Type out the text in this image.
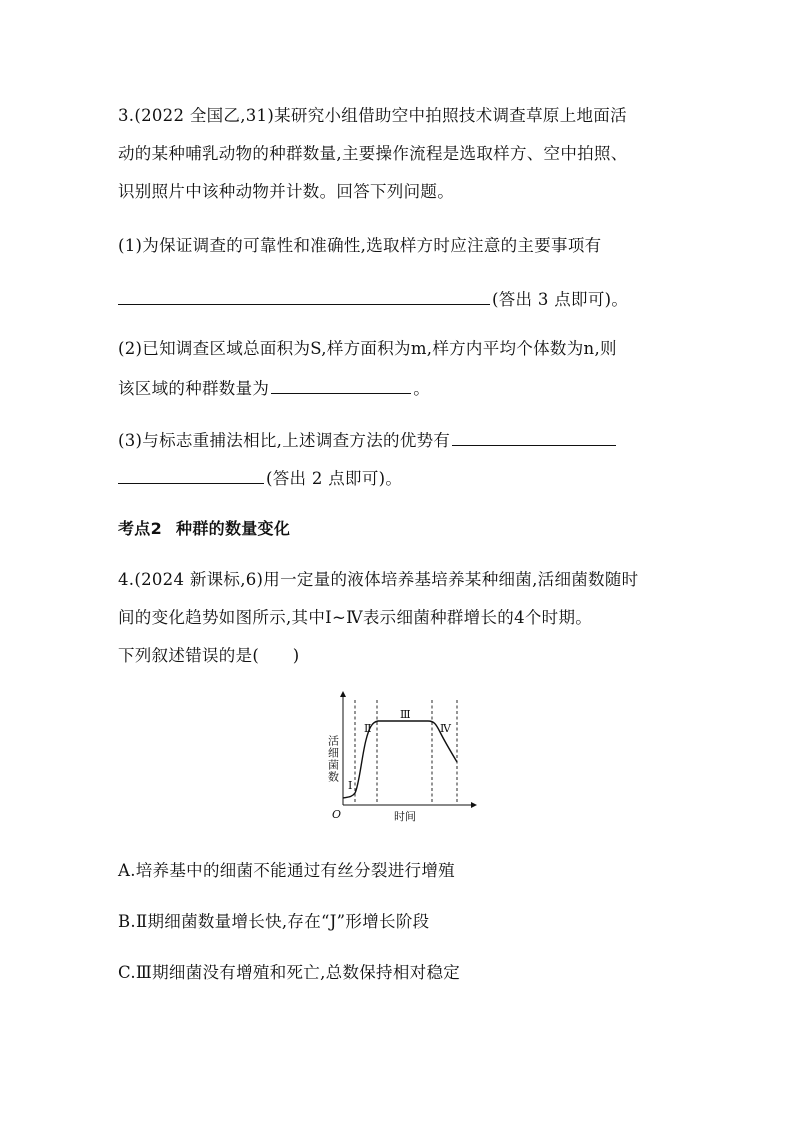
3.(2022 全国乙,31)某研究小组借助空中拍照技术调查草原上地面活
动的某种哺乳动物的种群数量,主要操作流程是选取样方、空中拍照、
识别照片中该种动物并计数。回答下列问题。
(1)为保证调查的可靠性和准确性,选取样方时应注意的主要事项有
(答出 3 点即可)。
(2)已知调查区域总面积为S,样方面积为m,样方内平均个体数为n,则
该区域的种群数量为	。
(3)与标志重捕法相比,上述调查方法的优势有
(答出 2 点即可)。
考点2 种群的数量变化
4.(2024 新课标,6)用一定量的液体培养基培养某种细菌,活细菌数随时
间的变化趋势如图所示,其中Ⅰ~Ⅳ表示细菌种群增长的4个时期。
下列叙述错误的是(　　)
Ⅰ
Ⅱ
Ⅲ
Ⅳ
活细菌数
O	时间
A.培养基中的细菌不能通过有丝分裂进行增殖
B.Ⅱ期细菌数量增长快,存在“J”形增长阶段
C.Ⅲ期细菌没有增殖和死亡,总数保持相对稳定
